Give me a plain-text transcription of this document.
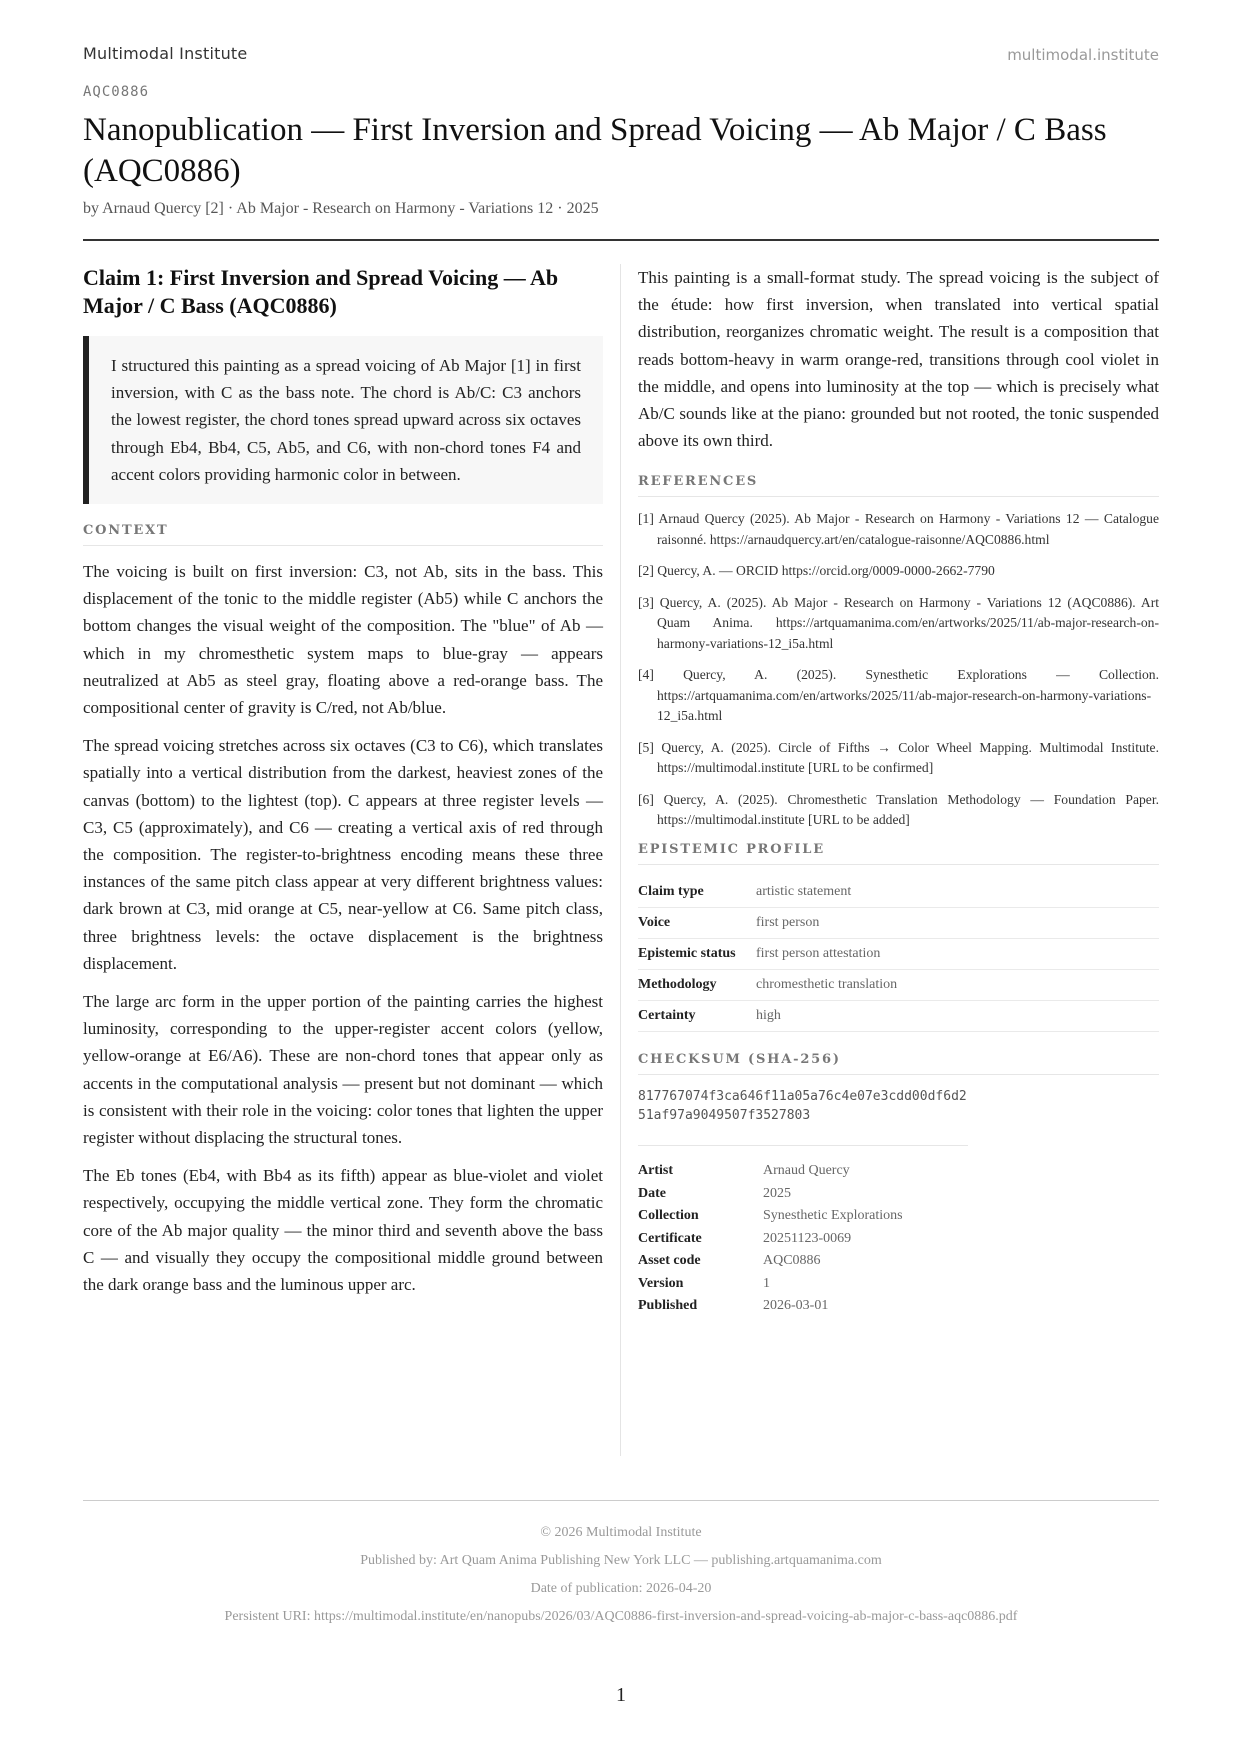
Multimodal Institute	multimodal.institute
AQC0886
Nanopublication — First Inversion and Spread Voicing — Ab Major / C Bass (AQC0886)
by Arnaud Quercy [2] · Ab Major - Research on Harmony - Variations 12 · 2025
Claim 1: First Inversion and Spread Voicing — Ab Major / C Bass (AQC0886)
I structured this painting as a spread voicing of Ab Major [1] in first inversion, with C as the bass note. The chord is Ab/C: C3 anchors the lowest register, the chord tones spread upward across six octaves through Eb4, Bb4, C5, Ab5, and C6, with non-chord tones F4 and accent colors providing harmonic color in between.
CONTEXT

The voicing is built on first inversion: C3, not Ab, sits in the bass. This displacement of the tonic to the middle register (Ab5) while C anchors the bottom changes the visual weight of the composition. The "blue" of Ab — which in my chromesthetic system maps to blue-gray — appears neutralized at Ab5 as steel gray, floating above a red-orange bass. The compositional center of gravity is C/red, not Ab/blue.

The spread voicing stretches across six octaves (C3 to C6), which translates spatially into a vertical distribution from the darkest, heaviest zones of the canvas (bottom) to the lightest (top). C appears at three register levels — C3, C5 (approximately), and C6 — creating a vertical axis of red through the composition. The register-to-brightness encoding means these three instances of the same pitch class appear at very different brightness values: dark brown at C3, mid orange at C5, near-yellow at C6. Same pitch class, three brightness levels: the octave displacement is the brightness displacement.

The large arc form in the upper portion of the painting carries the highest luminosity, corresponding to the upper-register accent colors (yellow, yellow-orange at E6/A6). These are non-chord tones that appear only as accents in the computational analysis — present but not dominant — which is consistent with their role in the voicing: color tones that lighten the upper register without displacing the structural tones.

The Eb tones (Eb4, with Bb4 as its fifth) appear as blue-violet and violet respectively, occupying the middle vertical zone. They form the chromatic core of the Ab major quality — the minor third and seventh above the bass C — and visually they occupy the compositional middle ground between the dark orange bass and the luminous upper arc.

This painting is a small-format study. The spread voicing is the subject of the étude: how first inversion, when translated into vertical spatial distribution, reorganizes chromatic weight. The result is a composition that reads bottom-heavy in warm orange-red, transitions through cool violet in the middle, and opens into luminosity at the top — which is precisely what Ab/C sounds like at the piano: grounded but not rooted, the tonic suspended above its own third.

REFERENCES
[1] Arnaud Quercy (2025). Ab Major - Research on Harmony - Variations 12 — Catalogue raisonné. https://arnaudquercy.art/en/catalogue-raisonne/AQC0886.html
[2] Quercy, A. — ORCID https://orcid.org/0009-0000-2662-7790
[3] Quercy, A. (2025). Ab Major - Research on Harmony - Variations 12 (AQC0886). Art Quam Anima. https://artquamanima.com/en/artworks/2025/11/ab-major-research-on-harmony-variations-12_i5a.html
[4] Quercy, A. (2025). Synesthetic Explorations — Collection. https://artquamanima.com/en/artworks/2025/11/ab-major-research-on-harmony-variations-12_i5a.html
[5] Quercy, A. (2025). Circle of Fifths → Color Wheel Mapping. Multimodal Institute. https://multimodal.institute [URL to be confirmed]
[6] Quercy, A. (2025). Chromesthetic Translation Methodology — Foundation Paper. https://multimodal.institute [URL to be added]
EPISTEMIC PROFILE
Claim type	artistic statement
Voice	first person
Epistemic status	first person attestation
Methodology	chromesthetic translation
Certainty	high
CHECKSUM (SHA-256)
817767074f3ca646f11a05a76c4e07e3cdd00df6d251af97a9049507f3527803
Artist	Arnaud Quercy
Date	2025
Collection	Synesthetic Explorations
Certificate	20251123-0069
Asset code	AQC0886
Version	1
Published	2026-03-01
© 2026 Multimodal Institute
Published by: Art Quam Anima Publishing New York LLC — publishing.artquamanima.com
Date of publication: 2026-04-20
Persistent URI: https://multimodal.institute/en/nanopubs/2026/03/AQC0886-first-inversion-and-spread-voicing-ab-major-c-bass-aqc0886.pdf
1
